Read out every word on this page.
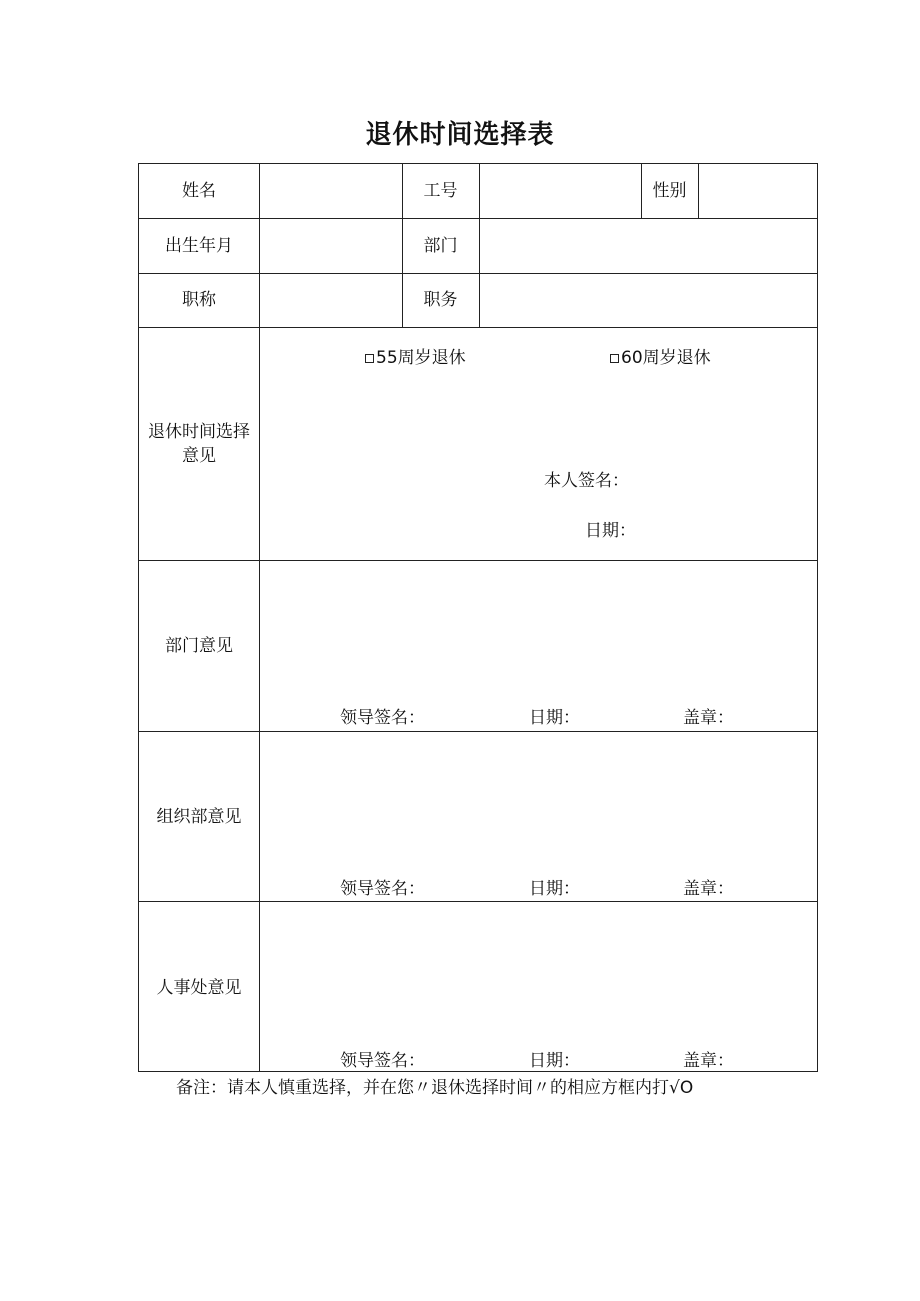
退休时间选择表
姓名	工号	性别
出生年月	部门
职称	职务
退休时间选择
意见
55周岁退休	60周岁退休
本人签名：
日期：
部门意见
领导签名：	日期：	盖章：
组织部意见
领导签名：	日期：	盖章：
人事处意见
领导签名：	日期：	盖章：
备注：请本人慎重选择，并在您〃退休选择时间〃的相应方框内打√O
